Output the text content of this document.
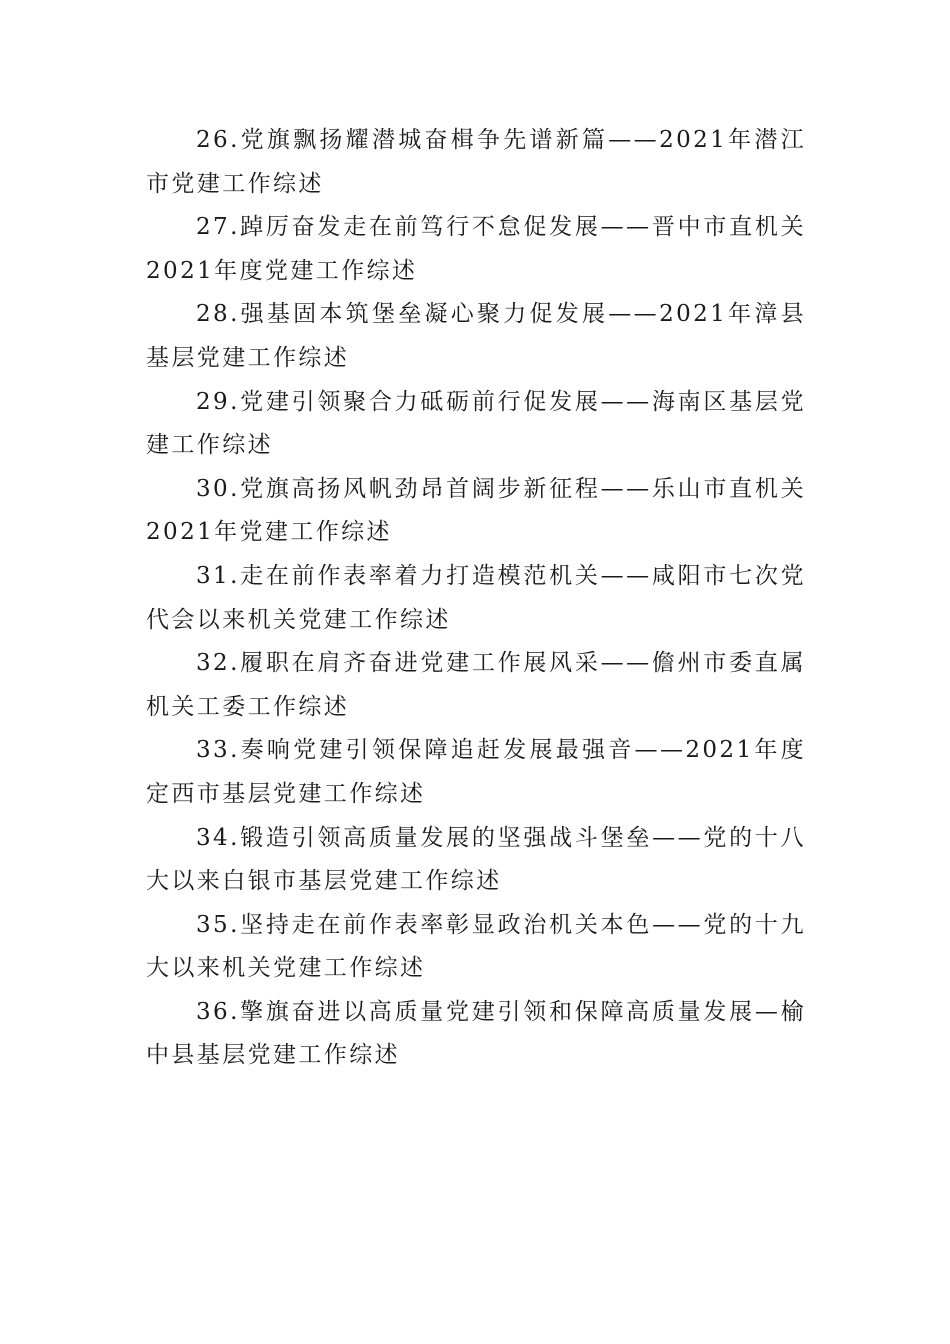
26.党旗飘扬耀潜城奋楫争先谱新篇——2021年潜江市党建工作综述
27.踔厉奋发走在前笃行不怠促发展——晋中市直机关2021年度党建工作综述
28.强基固本筑堡垒凝心聚力促发展——2021年漳县基层党建工作综述
29.党建引领聚合力砥砺前行促发展——海南区基层党建工作综述
30.党旗高扬风帆劲昂首阔步新征程——乐山市直机关2021年党建工作综述
31.走在前作表率着力打造模范机关——咸阳市七次党代会以来机关党建工作综述
32.履职在肩齐奋进党建工作展风采——儋州市委直属机关工委工作综述
33.奏响党建引领保障追赶发展最强音——2021年度定西市基层党建工作综述
34.锻造引领高质量发展的坚强战斗堡垒——党的十八大以来白银市基层党建工作综述
35.坚持走在前作表率彰显政治机关本色——党的十九大以来机关党建工作综述
36.擎旗奋进以高质量党建引领和保障高质量发展—榆中县基层党建工作综述
